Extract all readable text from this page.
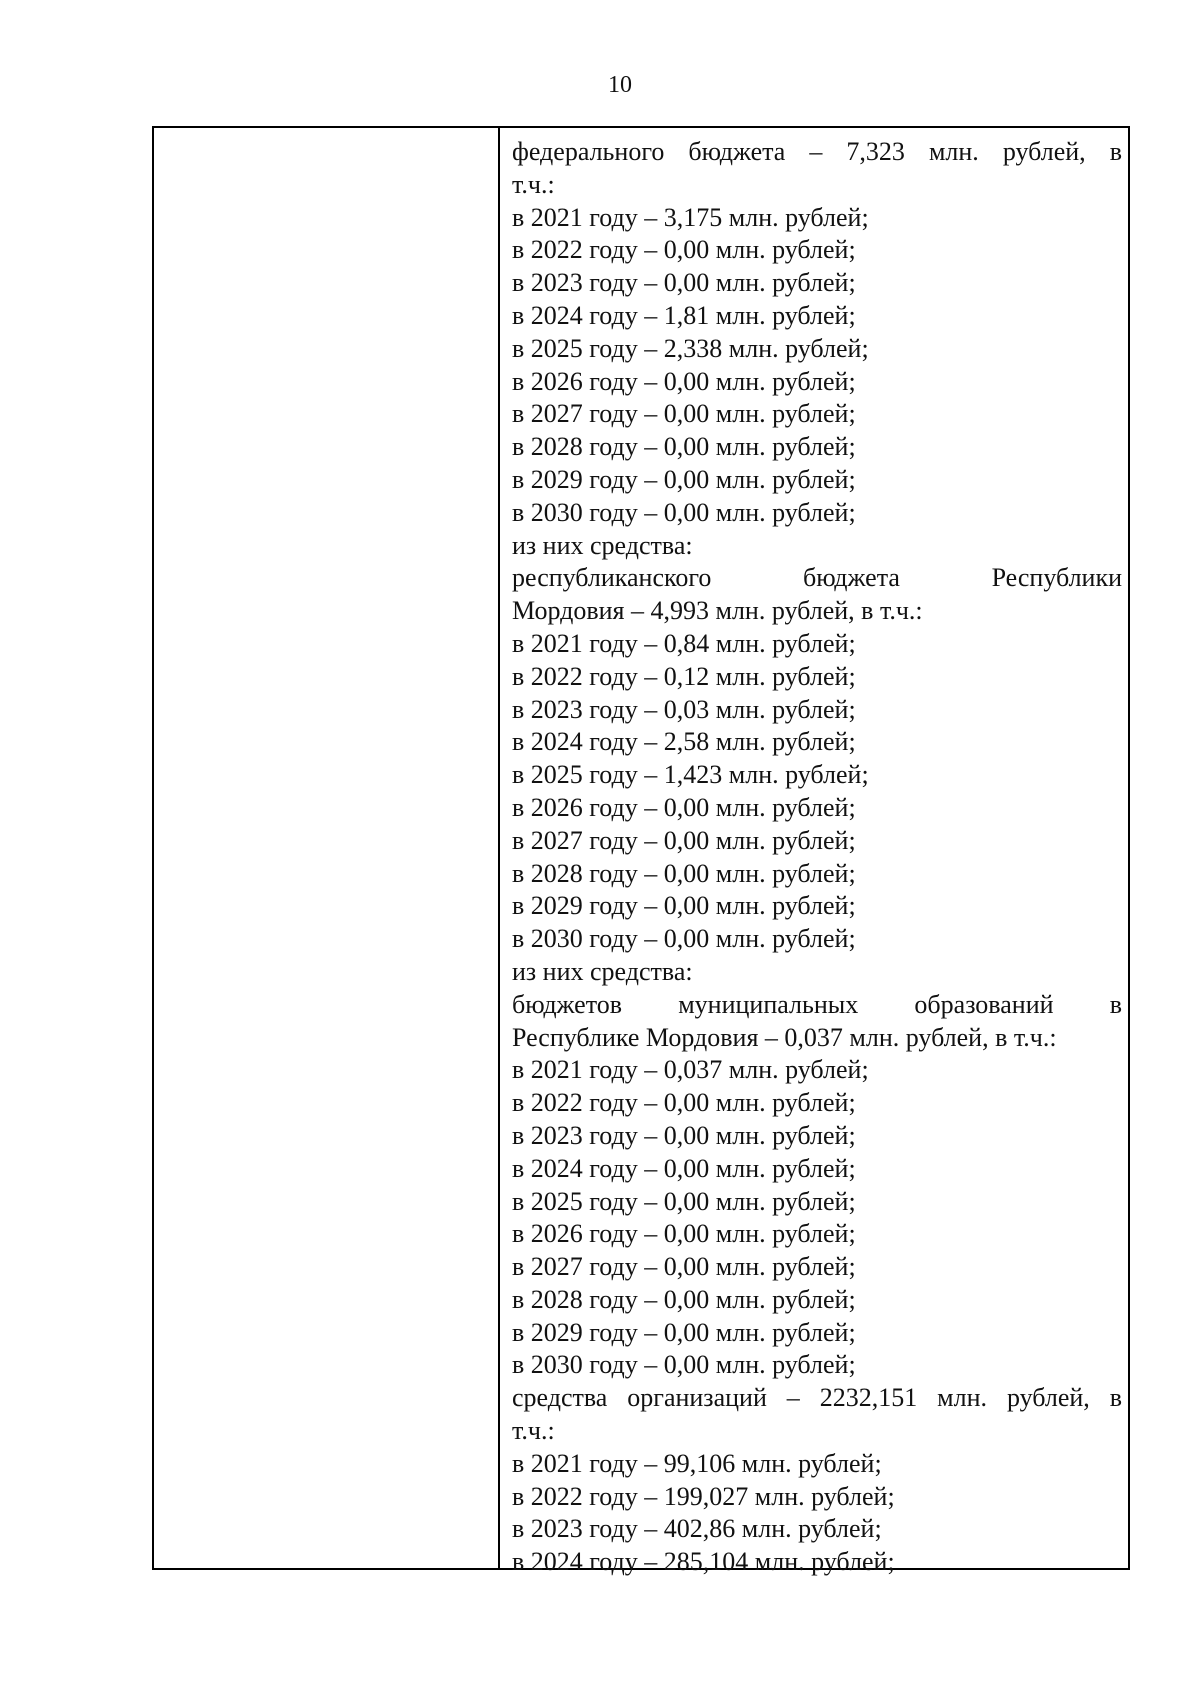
10
федерального бюджета – 7,323 млн. рублей, в
т.ч.:
в 2021 году – 3,175 млн. рублей;
в 2022 году – 0,00 млн. рублей;
в 2023 году – 0,00 млн. рублей;
в 2024 году – 1,81 млн. рублей;
в 2025 году – 2,338 млн. рублей;
в 2026 году – 0,00 млн. рублей;
в 2027 году – 0,00 млн. рублей;
в 2028 году – 0,00 млн. рублей;
в 2029 году – 0,00 млн. рублей;
в 2030 году – 0,00 млн. рублей;
из них средства:
республиканского бюджета Республики
Мордовия – 4,993 млн. рублей, в т.ч.:
в 2021 году – 0,84 млн. рублей;
в 2022 году – 0,12 млн. рублей;
в 2023 году – 0,03 млн. рублей;
в 2024 году – 2,58 млн. рублей;
в 2025 году – 1,423 млн. рублей;
в 2026 году – 0,00 млн. рублей;
в 2027 году – 0,00 млн. рублей;
в 2028 году – 0,00 млн. рублей;
в 2029 году – 0,00 млн. рублей;
в 2030 году – 0,00 млн. рублей;
из них средства:
бюджетов муниципальных образований в
Республике Мордовия – 0,037 млн. рублей, в т.ч.:
в 2021 году – 0,037 млн. рублей;
в 2022 году – 0,00 млн. рублей;
в 2023 году – 0,00 млн. рублей;
в 2024 году – 0,00 млн. рублей;
в 2025 году – 0,00 млн. рублей;
в 2026 году – 0,00 млн. рублей;
в 2027 году – 0,00 млн. рублей;
в 2028 году – 0,00 млн. рублей;
в 2029 году – 0,00 млн. рублей;
в 2030 году – 0,00 млн. рублей;
средства организаций – 2232,151 млн. рублей, в
т.ч.:
в 2021 году – 99,106 млн. рублей;
в 2022 году – 199,027 млн. рублей;
в 2023 году – 402,86 млн. рублей;
в 2024 году – 285,104 млн. рублей;
